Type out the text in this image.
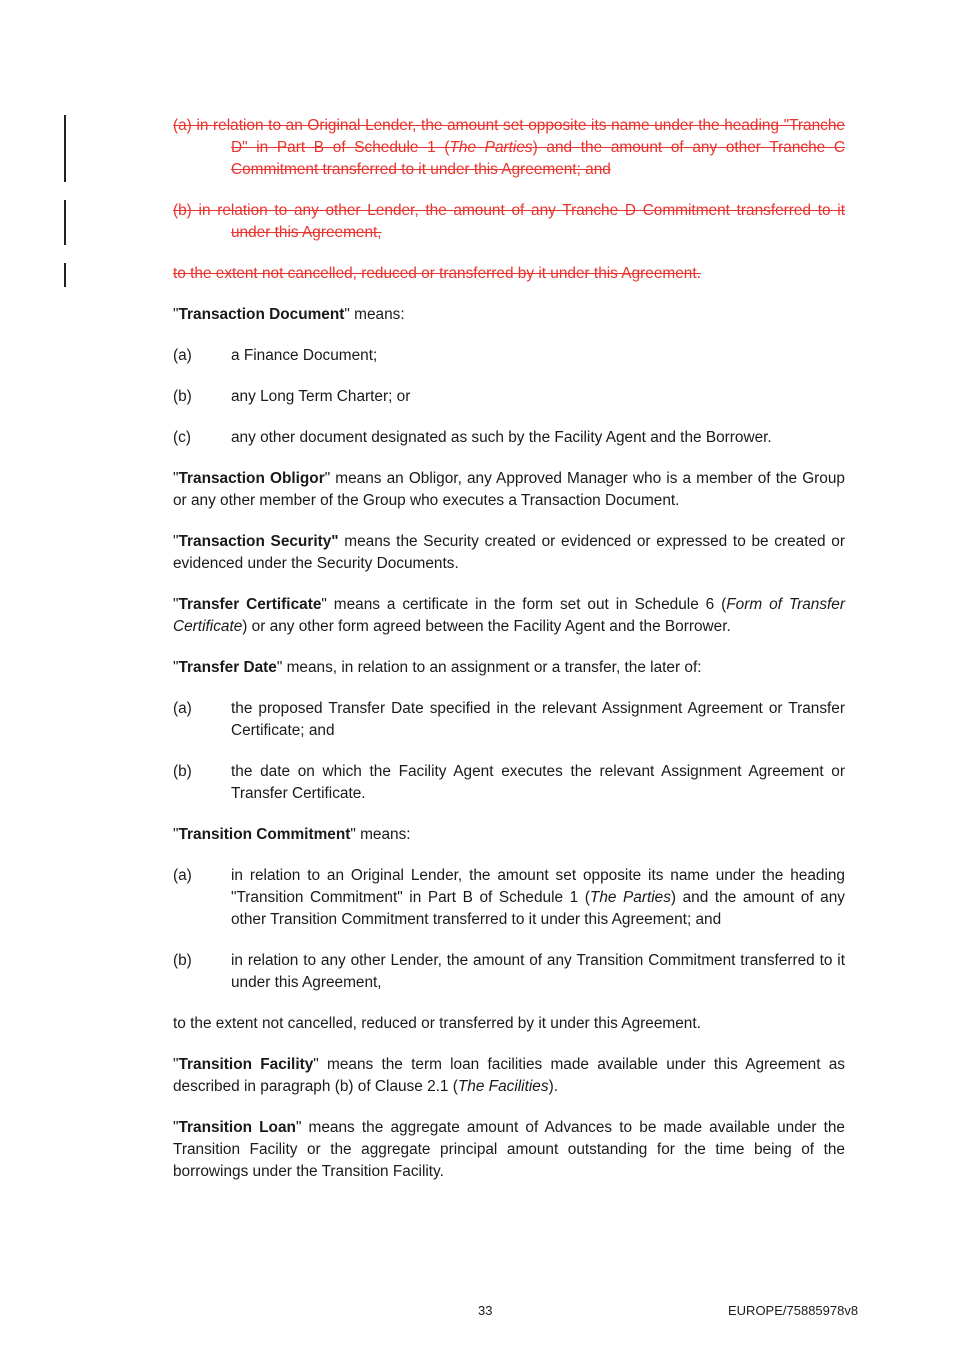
(a) in relation to an Original Lender, the amount set opposite its name under the heading "Tranche D" in Part B of Schedule 1 (The Parties) and the amount of any other Tranche C Commitment transferred to it under this Agreement; and

(b) in relation to any other Lender, the amount of any Tranche D Commitment transferred to it under this Agreement,

to the extent not cancelled, reduced or transferred by it under this Agreement.

"Transaction Document" means:

(a)	a Finance Document;
(b)	any Long Term Charter; or
(c)	any other document designated as such by the Facility Agent and the Borrower.

"Transaction Obligor" means an Obligor, any Approved Manager who is a member of the Group or any other member of the Group who executes a Transaction Document.

"Transaction Security" means the Security created or evidenced or expressed to be created or evidenced under the Security Documents.

"Transfer Certificate" means a certificate in the form set out in Schedule 6 (Form of Transfer Certificate) or any other form agreed between the Facility Agent and the Borrower.

"Transfer Date" means, in relation to an assignment or a transfer, the later of:

(a)	the proposed Transfer Date specified in the relevant Assignment Agreement or Transfer Certificate; and
(b)	the date on which the Facility Agent executes the relevant Assignment Agreement or Transfer Certificate.

"Transition Commitment" means:

(a)	in relation to an Original Lender, the amount set opposite its name under the heading "Transition Commitment" in Part B of Schedule 1 (The Parties) and the amount of any other Transition Commitment transferred to it under this Agreement; and
(b)	in relation to any other Lender, the amount of any Transition Commitment transferred to it under this Agreement,

to the extent not cancelled, reduced or transferred by it under this Agreement.

"Transition Facility" means the term loan facilities made available under this Agreement as described in paragraph (b) of Clause 2.1 (The Facilities).

"Transition Loan" means the aggregate amount of Advances to be made available under the Transition Facility or the aggregate principal amount outstanding for the time being of the borrowings under the Transition Facility.

33	EUROPE/75885978v8
